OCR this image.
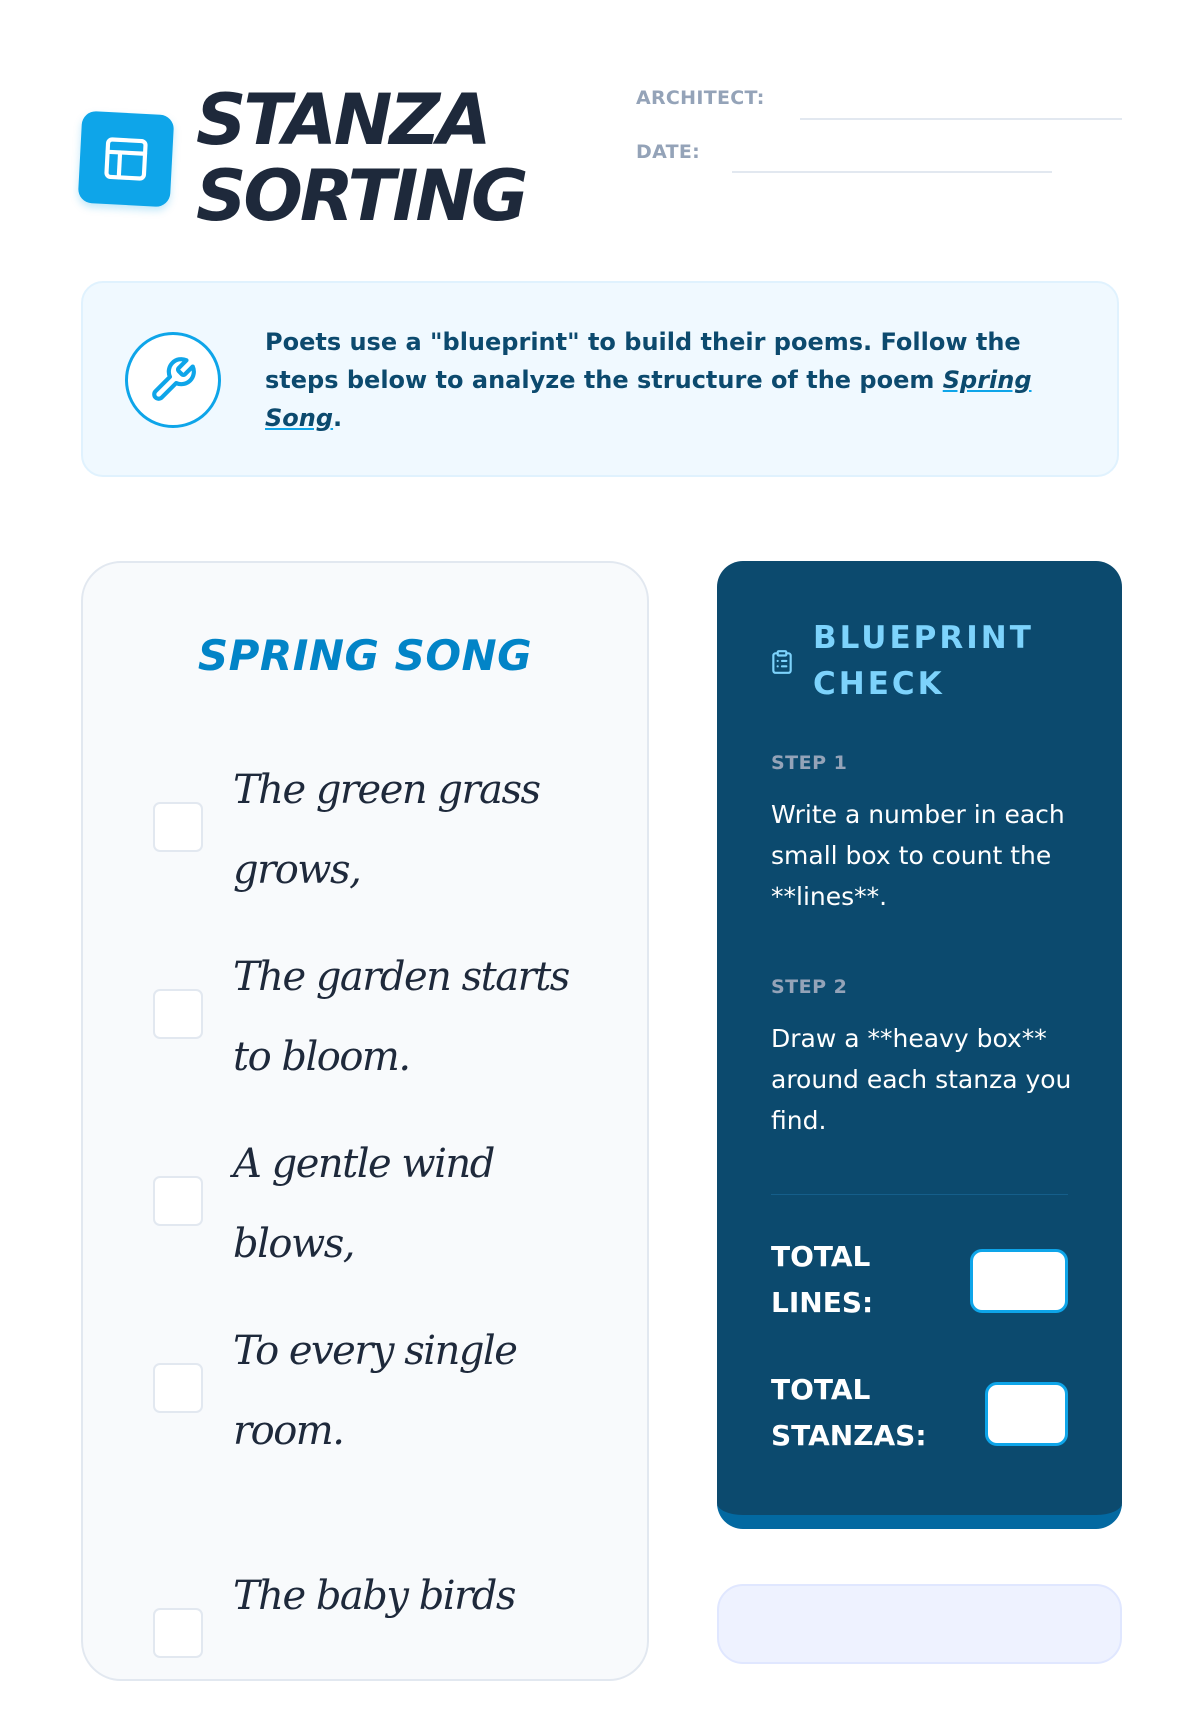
STANZA
SORTING
ARCHITECT:
DATE:

Poets use a "blueprint" to build their poems. Follow the steps below to analyze the structure of the poem Spring Song.

SPRING SONG

The green grass grows,

The garden starts to bloom.

A gentle wind blows,

To every single room.

The baby birds

BLUEPRINT CHECK
STEP 1

Write a number in each small box to count the **lines**.

STEP 2

Draw a **heavy box** around each stanza you find.

TOTAL LINES:

TOTAL STANZAS:
